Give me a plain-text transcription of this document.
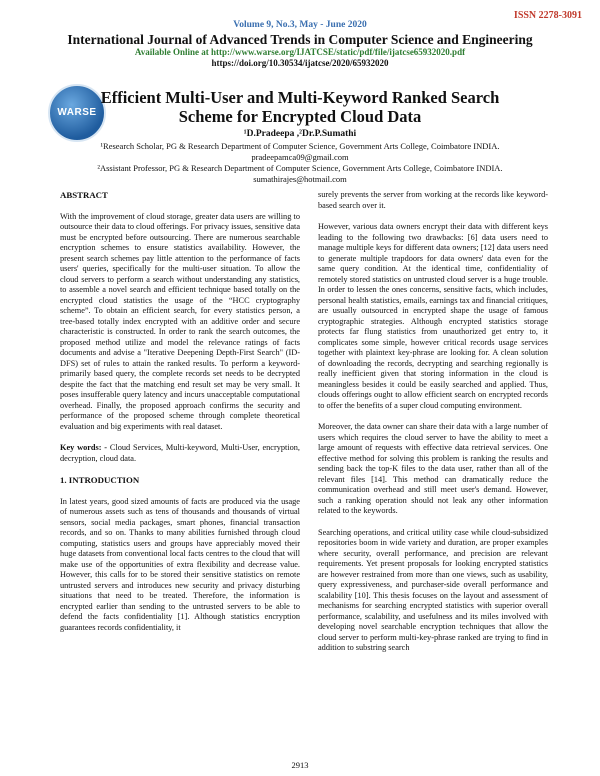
ISSN 2278-3091
Volume 9, No.3, May - June 2020
International Journal of Advanced Trends in Computer Science and Engineering
Available Online at http://www.warse.org/IJATCSE/static/pdf/file/ijatcse65932020.pdf
https://doi.org/10.30534/ijatcse/2020/65932020
WARSE
Efficient Multi-User and Multi-Keyword Ranked Search Scheme for Encrypted Cloud Data
¹D.Pradeepa ,²Dr.P.Sumathi
¹Research Scholar, PG & Research Department of Computer Science, Government Arts College, Coimbatore INDIA.
pradeepamca09@gmail.com
²Assistant Professor, PG & Research Department of Computer Science, Government Arts College, Coimbatore INDIA.
sumathirajes@hotmail.com
ABSTRACT

With the improvement of cloud storage, greater data users are willing to outsource their data to cloud offerings. For privacy issues, sensitive data must be encrypted before outsourcing. There are numerous searchable encryption schemes to ensure statistics availability. However, the present search schemes pay little attention to the performance of facts users' queries, specifically for the multi-user situation. To allow the cloud servers to perform a search without understanding any statistics, to assemble a novel search and efficient technique based totally on the encrypted cloud statistics the usage of the “HCC cryptography scheme”. To obtain an efficient search, for every statistics person, a tree-based totally index encrypted with an additive order and secure characteristic is constructed. In order to rank the search outcomes, the proposed method utilize and model the relevance ratings of facts documents and advise a "Iterative Deepening Depth-First Search" (ID-DFS) set of rules to attain the ranked results. To perform a keyword-primarily based query, the complete records set needs to be decrypted despite the fact that the matching end result set may be very small. It poses insufferable query latency and incurs unacceptable computational overhead. Finally, the proposed approach confirms the security and performance of the proposed scheme through complete theoretical evaluation and big experiments with real dataset.

Key words: - Cloud Services, Multi-keyword, Multi-User, encryption, decryption, cloud data.

1. INTRODUCTION

In latest years, good sized amounts of facts are produced via the usage of numerous assets such as tens of thousands and thousands of virtual sensors, social media packages, smart phones, financial transaction records, and so on. Thanks to many abilities furnished through cloud computing, statistics users and groups have appreciably moved their huge datasets from conventional local facts centres to the cloud that will make use of the opportunities of extra flexibility and decrease value. However, this calls for to be stored their sensitive statistics on remote untrusted servers and introduces new security and privacy disturbing situations that need to be treated. Therefore, the information is encrypted earlier than sending to the untrusted servers to be able to defend the facts confidentiality [1]. Although statistics encryption guarantees records confidentiality, it

surely prevents the server from working at the records like keyword-based search over it.

However, various data owners encrypt their data with different keys leading to the following two drawbacks: [6] data users need to manage multiple keys for different data owners; [12] data users need to generate multiple trapdoors for data owners' data even for the same query condition. At the identical time, confidentiality of remotely stored statistics on untrusted cloud server is a huge trouble. In order to lessen the ones concerns, sensitive facts, which includes, personal health statistics, emails, earnings tax and financial critiques, are usually outsourced in encrypted shape the usage of famous cryptographic strategies. Although encrypted statistics storage protects far flung statistics from unauthorized get entry to, it complicates some simple, however critical records usage services together with plaintext key-phrase are looking for. A clean solution of downloading the records, decrypting and searching regionally is really inefficient given that storing information in the cloud is meaningless besides it could be easily searched and applied. Thus, clouds offerings ought to allow efficient search on encrypted records to offer the benefits of a super cloud computing environment.

Moreover, the data owner can share their data with a large number of users which requires the cloud server to have the ability to meet a large amount of requests with effective data retrieval services. One effective method for solving this problem is ranking the results and sending back the top-K files to the data user, rather than all of the relevant files [14]. This method can dramatically reduce the communication overhead and still meet user's demand. However, such a ranking operation should not leak any other information related to the keywords.

Searching operations, and critical utility case while cloud-subsidized repositories boom in wide variety and duration, are proper examples where security, overall performance, and precision are relevant requirements. Yet present proposals for looking encrypted statistics are however restrained from more than one views, such as usability, query expressiveness, and purchaser-side overall performance and scalability [10]. This thesis focuses on the layout and assessment of mechanisms for searching encrypted statistics with superior overall performance, scalability, and usefulness and its miles involved with developing novel searchable encryption techniques that allow the cloud server to perform multi-key-phrase ranked are trying to find in addition to substring search

2913
